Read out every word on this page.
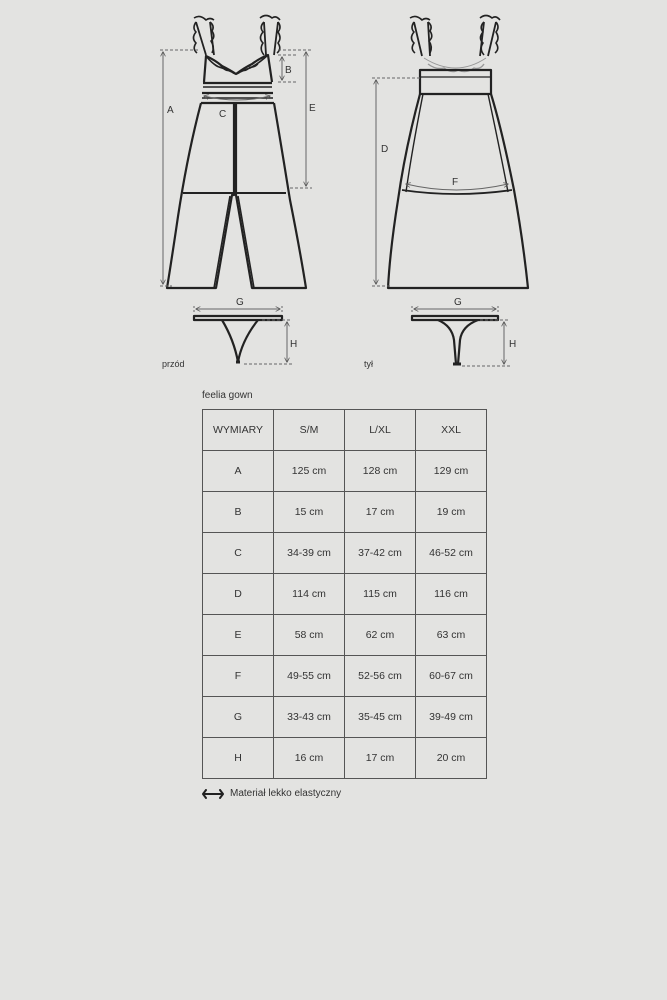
A
B
C
E
D
F
G
H
przód
G
H
tył
feelia gown
WYMIARY	S/M	L/XL	XXL
A	125 cm	128 cm	129 cm
B	15 cm	17 cm	19 cm
C	34-39 cm	37-42 cm	46-52 cm
D	114 cm	115 cm	116 cm
E	58 cm	62 cm	63 cm
F	49-55 cm	52-56 cm	60-67 cm
G	33-43 cm	35-45 cm	39-49 cm
H	16 cm	17 cm	20 cm
Materiał lekko elastyczny
